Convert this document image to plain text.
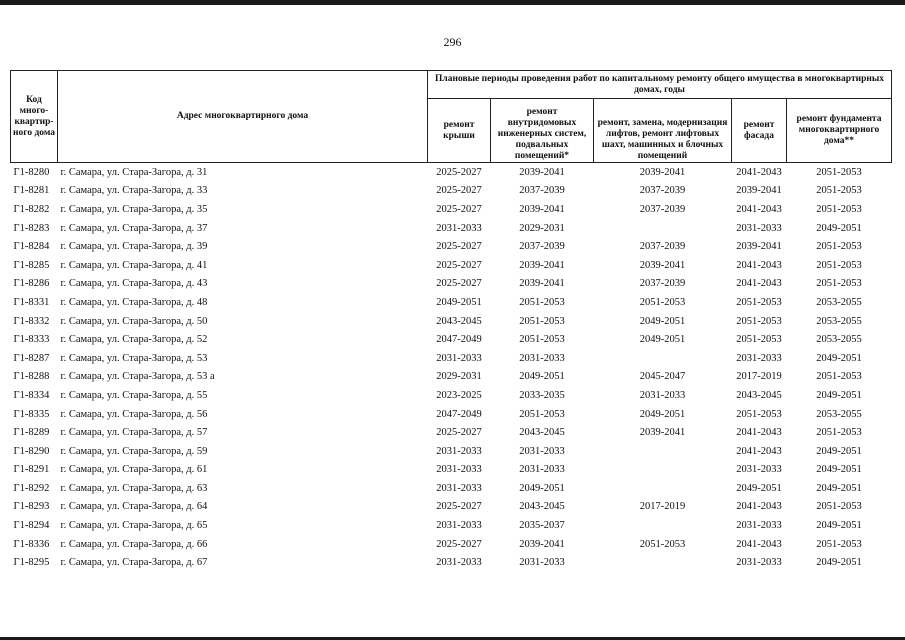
296
Код много-квартир-ного дома	Адрес многоквартирного дома	Плановые периоды проведения работ по капитальному ремонту общего имущества в многоквартирных домах, годы				
		ремонт крыши	ремонт внутридомовых инженерных систем, подвальных помещений*	ремонт, замена, модернизация лифтов, ремонт лифтовых шахт, машинных и блочных помещений	ремонт фасада	ремонт фундамента многоквартирного дома**
Г1-8280	г. Самара, ул. Стара-Загора, д. 31	2025-2027	2039-2041	2039-2041	2041-2043	2051-2053
Г1-8281	г. Самара, ул. Стара-Загора, д. 33	2025-2027	2037-2039	2037-2039	2039-2041	2051-2053
Г1-8282	г. Самара, ул. Стара-Загора, д. 35	2025-2027	2039-2041	2037-2039	2041-2043	2051-2053
Г1-8283	г. Самара, ул. Стара-Загора, д. 37	2031-2033	2029-2031		2031-2033	2049-2051
Г1-8284	г. Самара, ул. Стара-Загора, д. 39	2025-2027	2037-2039	2037-2039	2039-2041	2051-2053
Г1-8285	г. Самара, ул. Стара-Загора, д. 41	2025-2027	2039-2041	2039-2041	2041-2043	2051-2053
Г1-8286	г. Самара, ул. Стара-Загора, д. 43	2025-2027	2039-2041	2037-2039	2041-2043	2051-2053
Г1-8331	г. Самара, ул. Стара-Загора, д. 48	2049-2051	2051-2053	2051-2053	2051-2053	2053-2055
Г1-8332	г. Самара, ул. Стара-Загора, д. 50	2043-2045	2051-2053	2049-2051	2051-2053	2053-2055
Г1-8333	г. Самара, ул. Стара-Загора, д. 52	2047-2049	2051-2053	2049-2051	2051-2053	2053-2055
Г1-8287	г. Самара, ул. Стара-Загора, д. 53	2031-2033	2031-2033		2031-2033	2049-2051
Г1-8288	г. Самара, ул. Стара-Загора, д. 53 а	2029-2031	2049-2051	2045-2047	2017-2019	2051-2053
Г1-8334	г. Самара, ул. Стара-Загора, д. 55	2023-2025	2033-2035	2031-2033	2043-2045	2049-2051
Г1-8335	г. Самара, ул. Стара-Загора, д. 56	2047-2049	2051-2053	2049-2051	2051-2053	2053-2055
Г1-8289	г. Самара, ул. Стара-Загора, д. 57	2025-2027	2043-2045	2039-2041	2041-2043	2051-2053
Г1-8290	г. Самара, ул. Стара-Загора, д. 59	2031-2033	2031-2033		2041-2043	2049-2051
Г1-8291	г. Самара, ул. Стара-Загора, д. 61	2031-2033	2031-2033		2031-2033	2049-2051
Г1-8292	г. Самара, ул. Стара-Загора, д. 63	2031-2033	2049-2051		2049-2051	2049-2051
Г1-8293	г. Самара, ул. Стара-Загора, д. 64	2025-2027	2043-2045	2017-2019	2041-2043	2051-2053
Г1-8294	г. Самара, ул. Стара-Загора, д. 65	2031-2033	2035-2037		2031-2033	2049-2051
Г1-8336	г. Самара, ул. Стара-Загора, д. 66	2025-2027	2039-2041	2051-2053	2041-2043	2051-2053
Г1-8295	г. Самара, ул. Стара-Загора, д. 67	2031-2033	2031-2033		2031-2033	2049-2051
